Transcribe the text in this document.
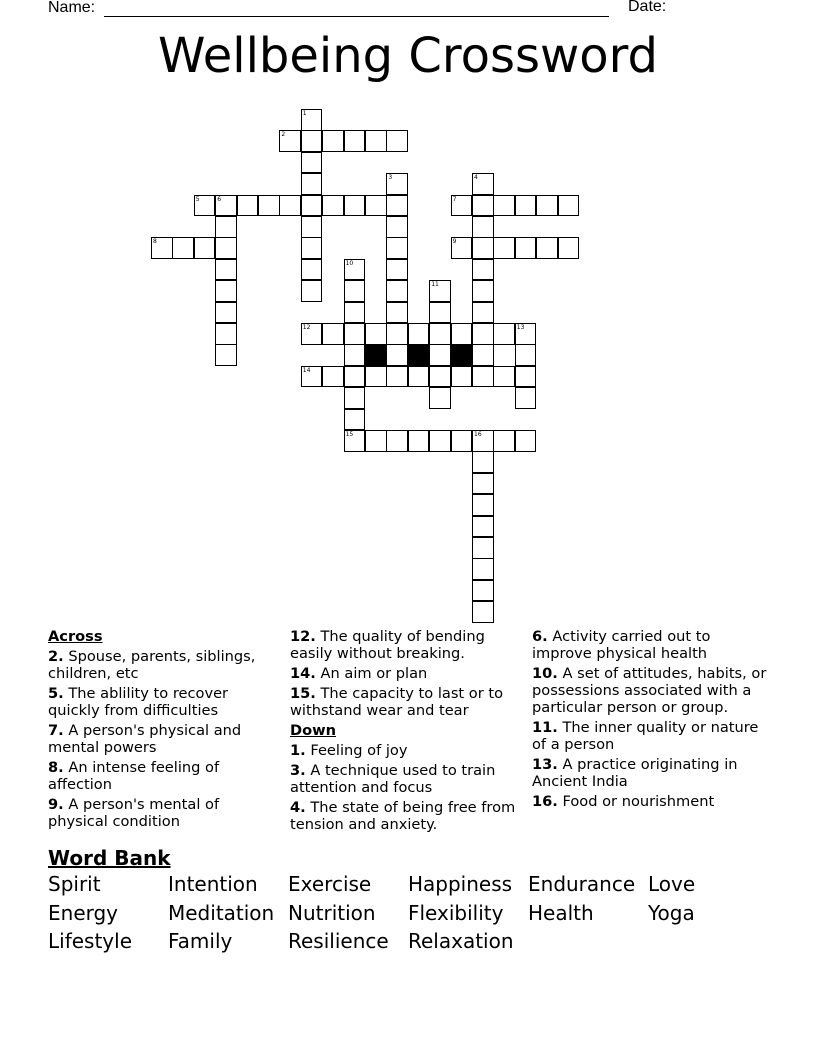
Name:	Date:
Wellbeing Crossword
1
2
3	4
5	6	7
8	9
10
15
11
12	13
14
16
Across
2. Spouse, parents, siblings, children, etc
5. The ablility to recover quickly from difficulties
7. A person's physical and mental powers
8. An intense feeling of affection
9. A person's mental of physical condition
12. The quality of bending easily without breaking.
14. An aim or plan
15. The capacity to last or to withstand wear and tear
Down
1. Feeling of joy
3. A technique used to train attention and focus
4. The state of being free from tension and anxiety.
6. Activity carried out to improve physical health
10. A set of attitudes, habits, or possessions associated with a particular person or group.
11. The inner quality or nature of a person
13. A practice originating in Ancient India
16. Food or nourishment
Word Bank
Spirit	Intention Exercise Happiness Endurance Love
Energy Meditation Nutrition Flexibility Health	Yoga
Lifestyle Family	Resilience Relaxation
